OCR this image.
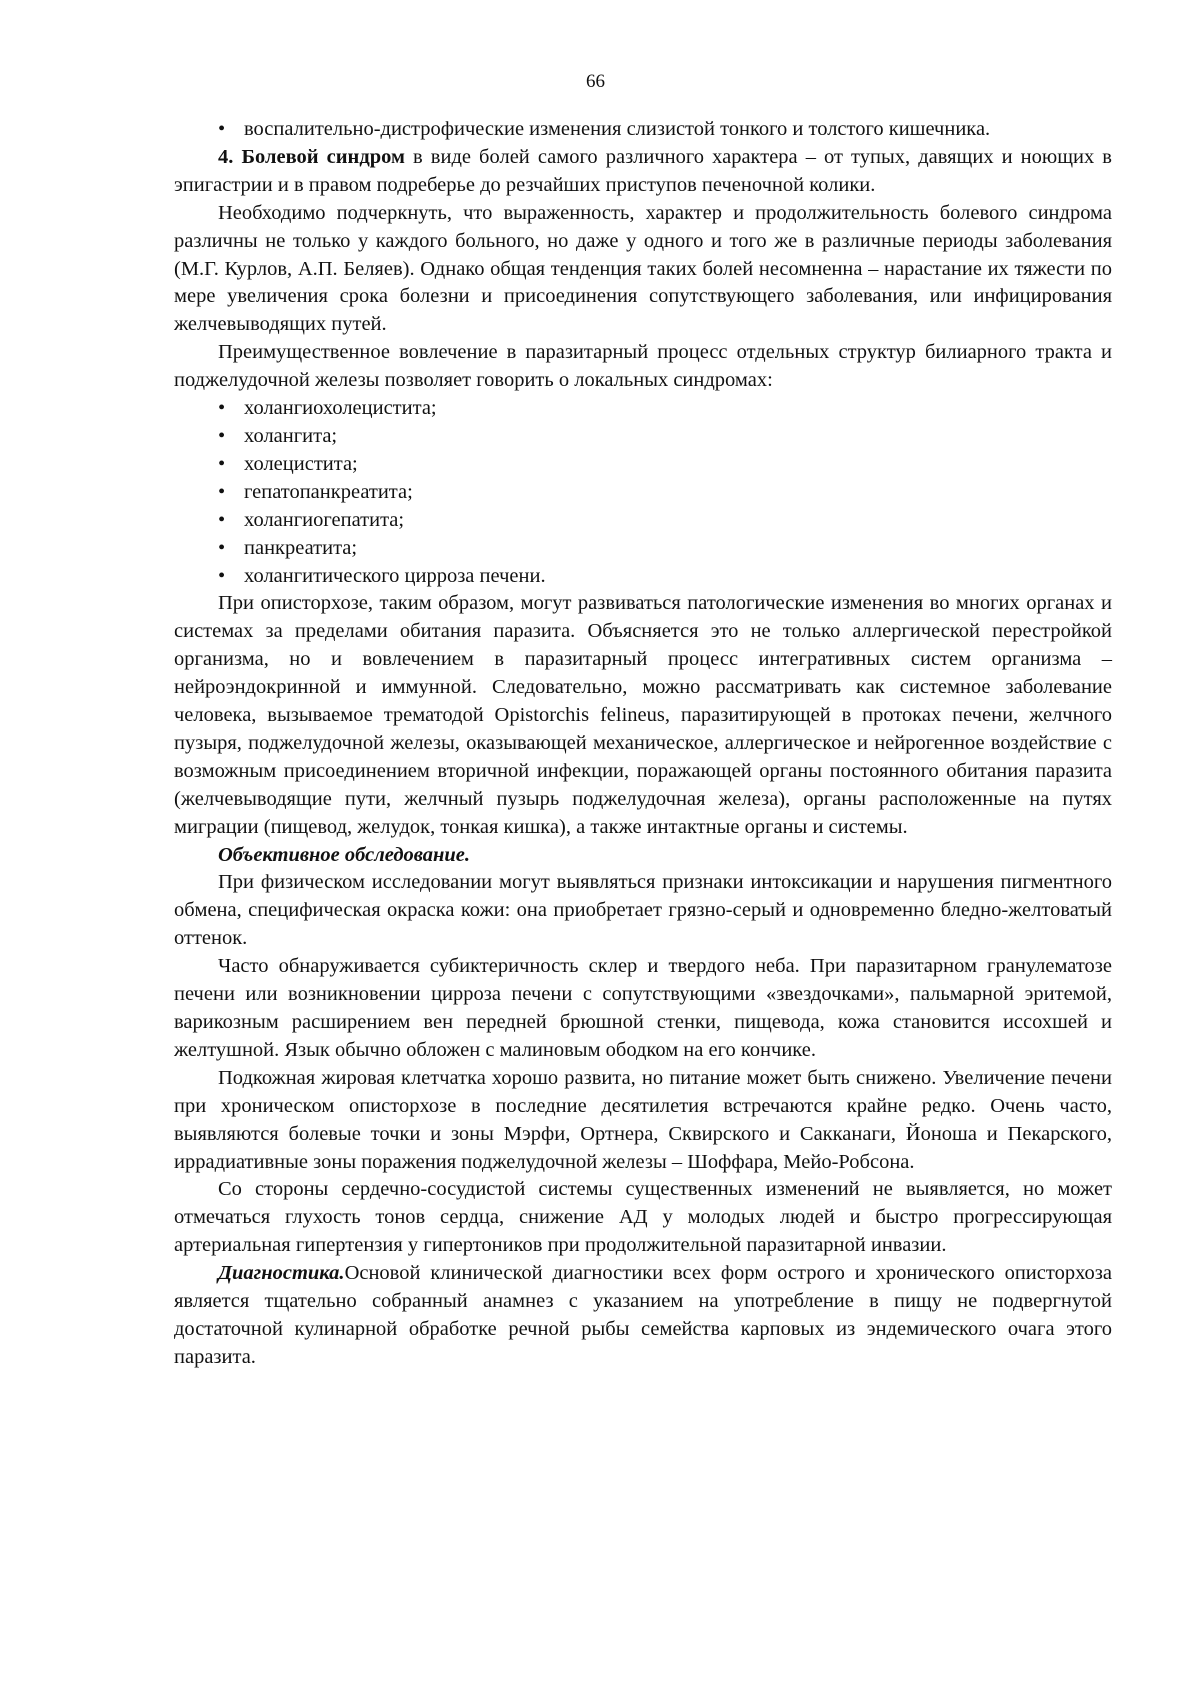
66

• воспалительно-дистрофические изменения слизистой тонкого и толстого кишечника.

4. Болевой синдром в виде болей самого различного характера – от тупых, давящих и ноющих в эпигастрии и в правом подреберье до резчайших приступов печеночной колики.

Необходимо подчеркнуть, что выраженность, характер и продолжительность болевого синдрома различны не только у каждого больного, но даже у одного и того же в различные периоды заболевания (М.Г. Курлов, А.П. Беляев). Однако общая тенденция таких болей несомненна – нарастание их тяжести по мере увеличения срока болезни и присоединения сопутствующего заболевания, или инфицирования желчевыводящих путей.

Преимущественное вовлечение в паразитарный процесс отдельных структур билиарного тракта и поджелудочной железы позволяет говорить о локальных синдромах:

• холангиохолецистита;

• холангита;

• холецистита;

• гепатопанкреатита;

• холангиогепатита;

• панкреатита;

• холангитического цирроза печени.

При описторхозе, таким образом, могут развиваться патологические изменения во многих органах и системах за пределами обитания паразита. Объясняется это не только аллергической перестройкой организма, но и вовлечением в паразитарный процесс интегративных систем организма – нейроэндокринной и иммунной. Следовательно, можно рассматривать как системное заболевание человека, вызываемое трематодой Opistorchis felineus, паразитирующей в протоках печени, желчного пузыря, поджелудочной железы, оказывающей механическое, аллергическое и нейрогенное воздействие с возможным присоединением вторичной инфекции, поражающей органы постоянного обитания паразита (желчевыводящие пути, желчный пузырь поджелудочная железа), органы расположенные на путях миграции (пищевод, желудок, тонкая кишка), а также интактные органы и системы.

Объективное обследование.

При физическом исследовании могут выявляться признаки интоксикации и нарушения пигментного обмена, специфическая окраска кожи: она приобретает грязно-серый и одновременно бледно-желтоватый оттенок.

Часто обнаруживается субиктеричность склер и твердого неба. При паразитарном гранулематозе печени или возникновении цирроза печени с сопутствующими «звездочками», пальмарной эритемой, варикозным расширением вен передней брюшной стенки, пищевода, кожа становится иссохшей и желтушной. Язык обычно обложен с малиновым ободком на его кончике.

Подкожная жировая клетчатка хорошо развита, но питание может быть снижено. Увеличение печени при хроническом описторхозе в последние десятилетия встречаются крайне редко. Очень часто, выявляются болевые точки и зоны Мэрфи, Ортнера, Сквирского и Сакканаги, Йоноша и Пекарского, иррадиативные зоны поражения поджелудочной железы – Шоффара, Мейо-Робсона.

Со стороны сердечно-сосудистой системы существенных изменений не выявляется, но может отмечаться глухость тонов сердца, снижение АД у молодых людей и быстро прогрессирующая артериальная гипертензия у гипертоников при продолжительной паразитарной инвазии.

Диагностика.Основой клинической диагностики всех форм острого и хронического описторхоза является тщательно собранный анамнез с указанием на употребление в пищу не подвергнутой достаточной кулинарной обработке речной рыбы семейства карповых из эндемического очага этого паразита.
